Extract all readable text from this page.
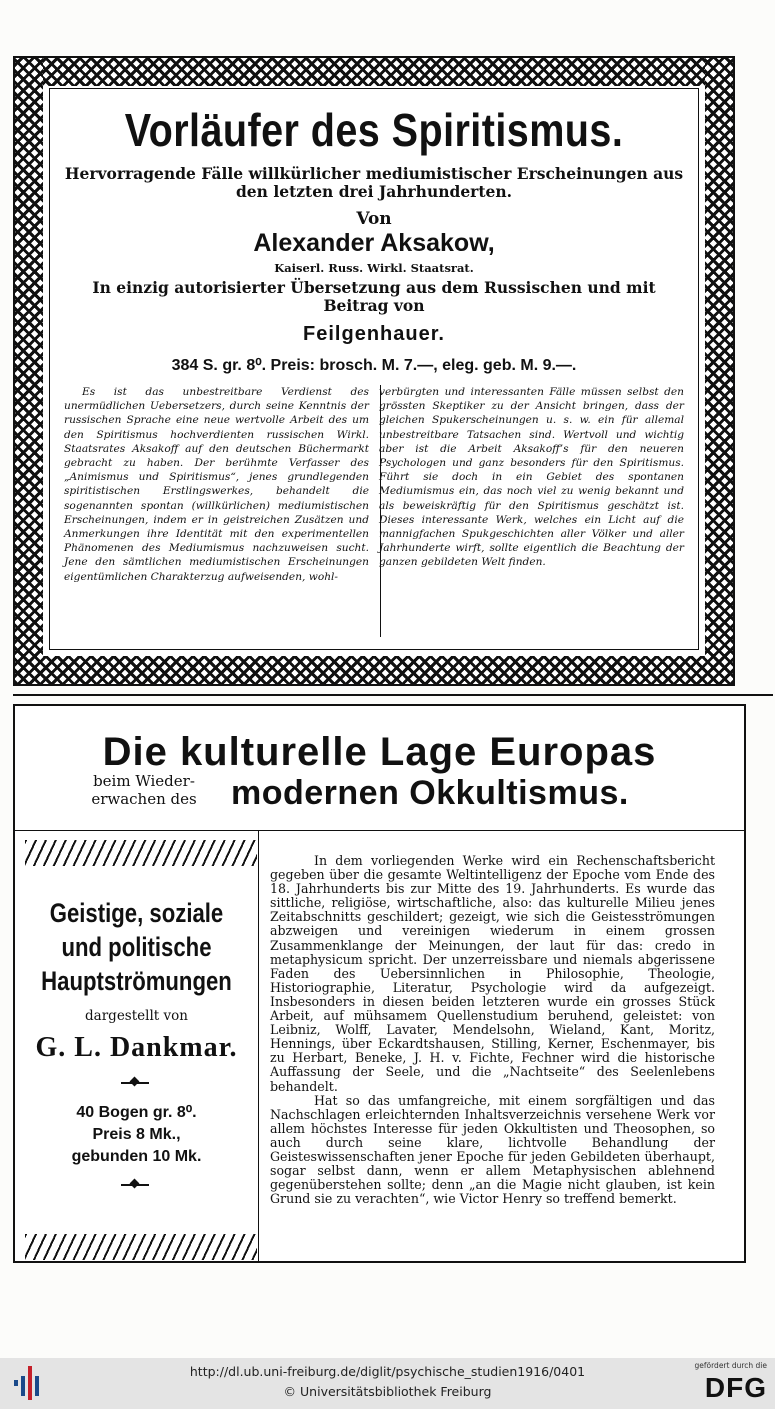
Vorläufer des Spiritismus.
Hervorragende Fälle willkürlicher mediumistischer Erscheinungen aus den letzten drei Jahrhunderten.
Von
Alexander Aksakow,
Kaiserl. Russ. Wirkl. Staatsrat.
In einzig autorisierter Übersetzung aus dem Russischen und mit Beitrag von
Feilgenhauer.
384 S. gr. 8⁰. Preis: brosch. M. 7.—, eleg. geb. M. 9.—.
Es ist das unbestreitbare Verdienst des unermüdlichen Uebersetzers, durch seine Kenntnis der russischen Sprache eine neue wertvolle Arbeit des um den Spiritismus hochverdienten russischen Wirkl. Staatsrates Aksakoff auf den deutschen Büchermarkt gebracht zu haben. Der berühmte Verfasser des „Animismus und Spiritismus“, jenes grundlegenden spiritistischen Erstlingswerkes, behandelt die sogenannten spontan (willkürlichen) mediumistischen Erscheinungen, indem er in geistreichen Zusätzen und Anmerkungen ihre Identität mit den experimentellen Phänomenen des Mediumismus nachzuweisen sucht. Jene den sämtlichen mediumistischen Erscheinungen eigentümlichen Charakterzug aufweisenden, wohl-
verbürgten und interessanten Fälle müssen selbst den grössten Skeptiker zu der Ansicht bringen, dass der gleichen Spukerscheinungen u. s. w. ein für allemal unbestreitbare Tatsachen sind. Wertvoll und wichtig aber ist die Arbeit Aksakoff’s für den neueren Psychologen und ganz besonders für den Spiritismus. Führt sie doch in ein Gebiet des spontanen Mediumismus ein, das noch viel zu wenig bekannt und als beweiskräftig für den Spiritismus geschätzt ist. Dieses interessante Werk, welches ein Licht auf die mannigfachen Spukgeschichten aller Völker und aller Jahrhunderte wirft, sollte eigentlich die Beachtung der ganzen gebildeten Welt finden.
Die kulturelle Lage Europas
beim Wieder-
erwachen des	modernen Okkultismus.
Geistige, soziale
und politische
Hauptströmungen
dargestellt von
G. L. Dankmar.
40 Bogen gr. 8⁰.
Preis 8 Mk.,
gebunden 10 Mk.

In dem vorliegenden Werke wird ein Rechenschaftsbericht gegeben über die gesamte Weltintelligenz der Epoche vom Ende des 18. Jahrhunderts bis zur Mitte des 19. Jahrhunderts. Es wurde das sittliche, religiöse, wirtschaftliche, also: das kulturelle Milieu jenes Zeitabschnitts geschildert; gezeigt, wie sich die Geistesströmungen abzweigen und vereinigen wiederum in einem grossen Zusammenklange der Meinungen, der laut für das: credo in metaphysicum spricht. Der unzerreissbare und niemals abgerissene Faden des Uebersinnlichen in Philosophie, Theologie, Historiographie, Literatur, Psychologie wird da aufgezeigt. Insbesonders in diesen beiden letzteren wurde ein grosses Stück Arbeit, auf mühsamem Quellenstudium beruhend, geleistet: von Leibniz, Wolff, Lavater, Mendelsohn, Wieland, Kant, Moritz, Hennings, über Eckardtshausen, Stilling, Kerner, Eschenmayer, bis zu Herbart, Beneke, J. H. v. Fichte, Fechner wird die historische Auffassung der Seele, und die „Nachtseite“ des Seelenlebens behandelt.

Hat so das umfangreiche, mit einem sorgfältigen und das Nachschlagen erleichternden Inhaltsverzeichnis versehene Werk vor allem höchstes Interesse für jeden Okkultisten und Theosophen, so auch durch seine klare, lichtvolle Behandlung der Geisteswissenschaften jener Epoche für jeden Gebildeten überhaupt, sogar selbst dann, wenn er allem Metaphysischen ablehnend gegenüberstehen sollte; denn „an die Magie nicht glauben, ist kein Grund sie zu verachten“, wie Victor Henry so treffend bemerkt.

http://dl.ub.uni-freiburg.de/diglit/psychische_studien1916/0401
© Universitätsbibliothek Freiburg
gefördert durch die
DFG
